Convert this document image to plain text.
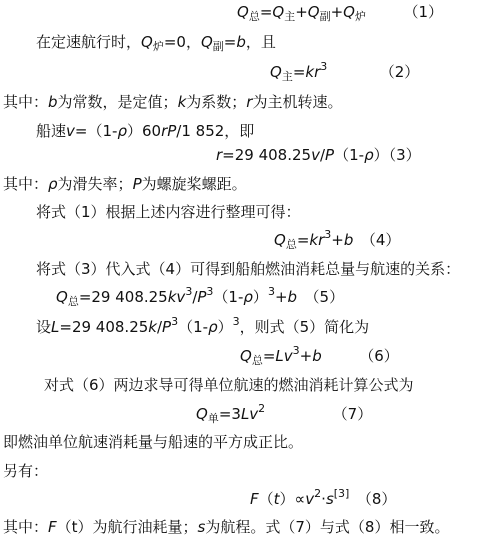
$Q_总=Q_主+Q_副+Q_炉$　　　（1）
在定速航行时，$Q_炉=0$，$Q_副=b$，且
$Q_主=kr^3$　　　　（2）
其中：b为常数，是定值；k为系数；r为主机转速。
船速v=（1-ρ）60rP/1 852，即
r=29 408.25v/P（1-ρ）（3）
其中：ρ为滑失率；P为螺旋桨螺距。
将式（1）根据上述内容进行整理可得：
$Q_总=kr^3+b$　（4）
将式（3）代入式（4）可得到船舶燃油消耗总量与航速的关系：
$Q_总=29$ $408.25kv^3/P^3(1-\rho)^3+b$　（5）
设L=29 $408.25k/P^3(1-\rho)^3$，则式（5）简化为
$Q_总=Lv^3+b$　　　（6）
对式（6）两边求导可得单位航速的燃油消耗计算公式为
$Q_单=3Lv^2$　　　　　（7）
即燃油单位航速消耗量与船速的平方成正比。
另有：
$F(t)\propto v^2\cdot s[3]$　（8）
其中：F（t）为航行油耗量；s为航程。式（7）与式（8）相一致。
